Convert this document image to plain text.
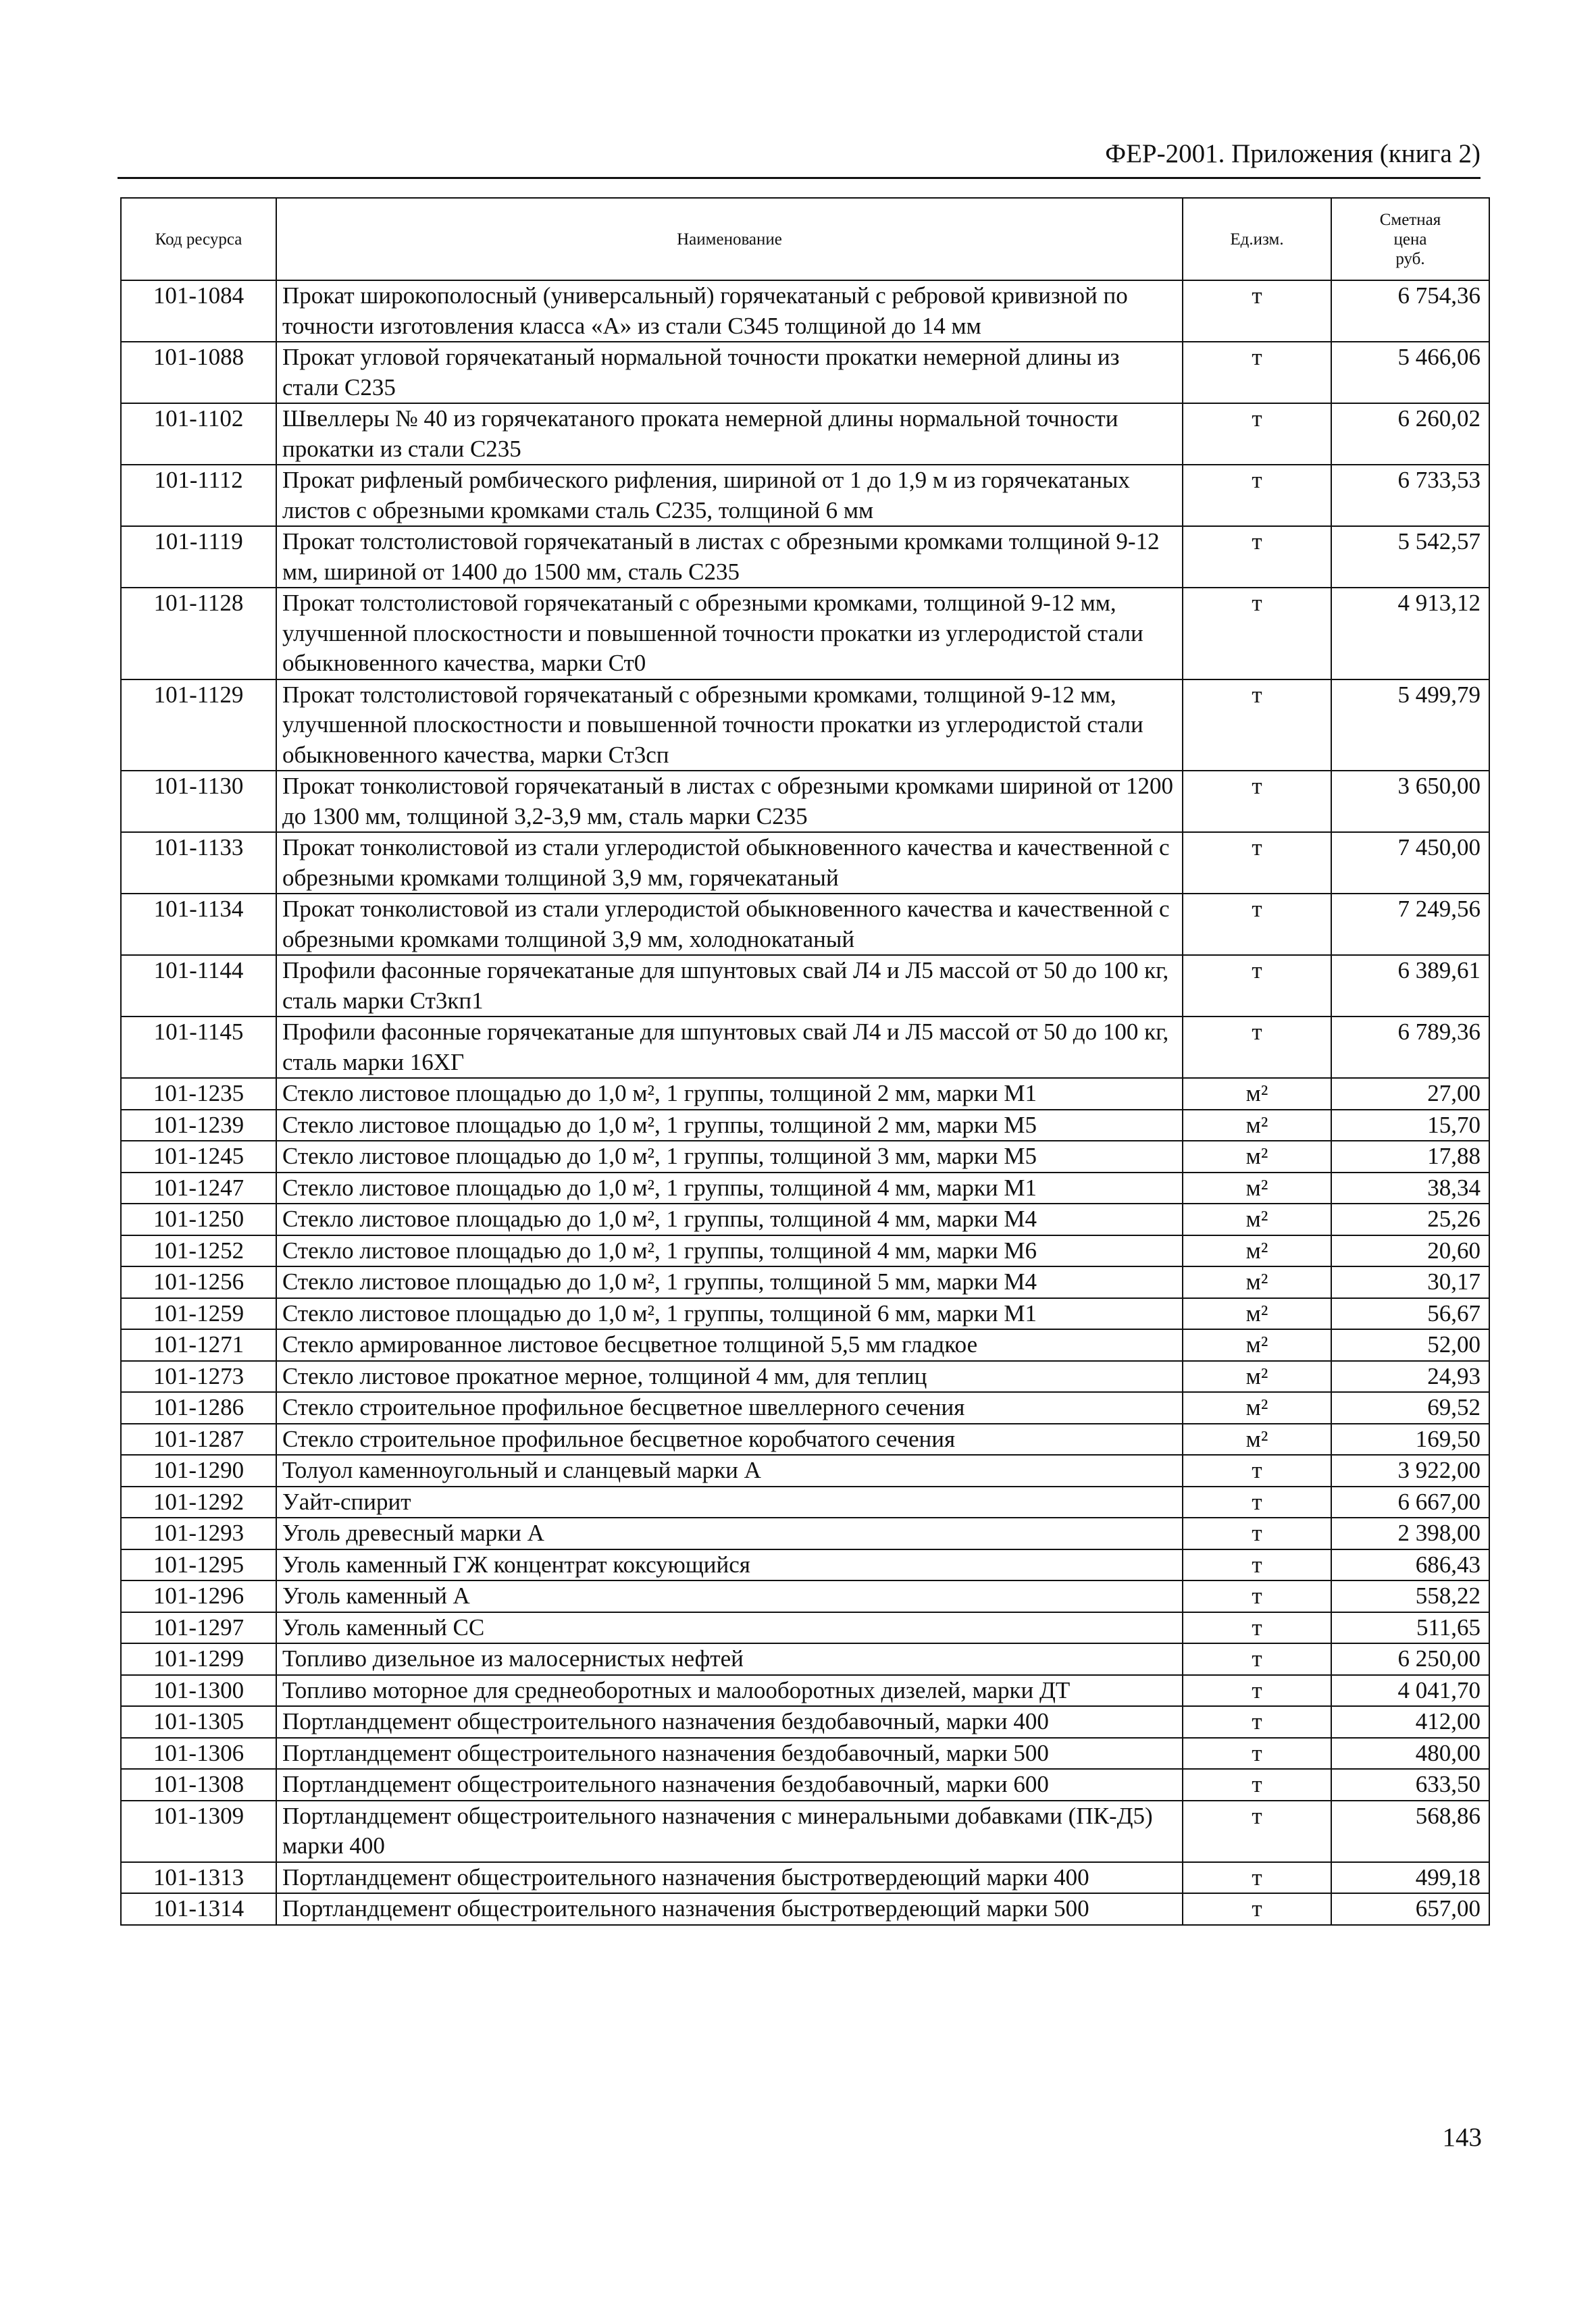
ФЕР-2001. Приложения (книга 2)
Код ресурса	Наименование	Ед.изм.	Сметная
цена
руб.

101-1084	Прокат широкополосный (универсальный) горячекатаный с ребровой кривизной по точности изготовления класса «А» из стали С345 толщиной до 14 мм	т	6 754,36
101-1088	Прокат угловой горячекатаный нормальной точности прокатки немерной длины из стали С235	т	5 466,06
101-1102	Швеллеры № 40 из горячекатаного проката немерной длины нормальной точности прокатки из стали С235	т	6 260,02
101-1112	Прокат рифленый ромбического рифления, шириной от 1 до 1,9 м из горячекатаных листов с обрезными кромками сталь С235, толщиной 6 мм	т	6 733,53
101-1119	Прокат толстолистовой горячекатаный в листах с обрезными кромками толщиной 9-12 мм, шириной от 1400 до 1500 мм, сталь С235	т	5 542,57
101-1128	Прокат толстолистовой горячекатаный с обрезными кромками, толщиной 9-12 мм, улучшенной плоскостности и повышенной точности прокатки из углеродистой стали обыкновенного качества, марки Ст0	т	4 913,12
101-1129	Прокат толстолистовой горячекатаный с обрезными кромками, толщиной 9-12 мм, улучшенной плоскостности и повышенной точности прокатки из углеродистой стали обыкновенного качества, марки Ст3сп	т	5 499,79
101-1130	Прокат тонколистовой горячекатаный в листах с обрезными кромками шириной от 1200 до 1300 мм, толщиной 3,2-3,9 мм, сталь марки С235	т	3 650,00
101-1133	Прокат тонколистовой из стали углеродистой обыкновенного качества и качественной с обрезными кромками толщиной 3,9 мм, горячекатаный	т	7 450,00
101-1134	Прокат тонколистовой из стали углеродистой обыкновенного качества и качественной с обрезными кромками толщиной 3,9 мм, холоднокатаный	т	7 249,56
101-1144	Профили фасонные горячекатаные для шпунтовых свай Л4 и Л5 массой от 50 до 100 кг, сталь марки Ст3кп1	т	6 389,61
101-1145	Профили фасонные горячекатаные для шпунтовых свай Л4 и Л5 массой от 50 до 100 кг, сталь марки 16ХГ	т	6 789,36
101-1235	Стекло листовое площадью до 1,0 м², 1 группы, толщиной 2 мм, марки М1	м²	27,00
101-1239	Стекло листовое площадью до 1,0 м², 1 группы, толщиной 2 мм, марки М5	м²	15,70
101-1245	Стекло листовое площадью до 1,0 м², 1 группы, толщиной 3 мм, марки М5	м²	17,88
101-1247	Стекло листовое площадью до 1,0 м², 1 группы, толщиной 4 мм, марки М1	м²	38,34
101-1250	Стекло листовое площадью до 1,0 м², 1 группы, толщиной 4 мм, марки М4	м²	25,26
101-1252	Стекло листовое площадью до 1,0 м², 1 группы, толщиной 4 мм, марки М6	м²	20,60
101-1256	Стекло листовое площадью до 1,0 м², 1 группы, толщиной 5 мм, марки М4	м²	30,17
101-1259	Стекло листовое площадью до 1,0 м², 1 группы, толщиной 6 мм, марки М1	м²	56,67
101-1271	Стекло армированное листовое бесцветное толщиной 5,5 мм гладкое	м²	52,00
101-1273	Стекло листовое прокатное мерное, толщиной 4 мм, для теплиц	м²	24,93
101-1286	Стекло строительное профильное бесцветное швеллерного сечения	м²	69,52
101-1287	Стекло строительное профильное бесцветное коробчатого сечения	м²	169,50
101-1290	Толуол каменноугольный и сланцевый марки А	т	3 922,00
101-1292	Уайт-спирит	т	6 667,00
101-1293	Уголь древесный марки А	т	2 398,00
101-1295	Уголь каменный ГЖ концентрат коксующийся	т	686,43
101-1296	Уголь каменный А	т	558,22
101-1297	Уголь каменный СС	т	511,65
101-1299	Топливо дизельное из малосернистых нефтей	т	6 250,00
101-1300	Топливо моторное для среднеоборотных и малооборотных дизелей, марки ДТ	т	4 041,70
101-1305	Портландцемент общестроительного назначения бездобавочный, марки 400	т	412,00
101-1306	Портландцемент общестроительного назначения бездобавочный, марки 500	т	480,00
101-1308	Портландцемент общестроительного назначения бездобавочный, марки 600	т	633,50
101-1309	Портландцемент общестроительного назначения с минеральными добавками (ПК-Д5) марки 400	т	568,86
101-1313	Портландцемент общестроительного назначения быстротвердеющий марки 400	т	499,18
101-1314	Портландцемент общестроительного назначения быстротвердеющий марки 500	т	657,00
143
